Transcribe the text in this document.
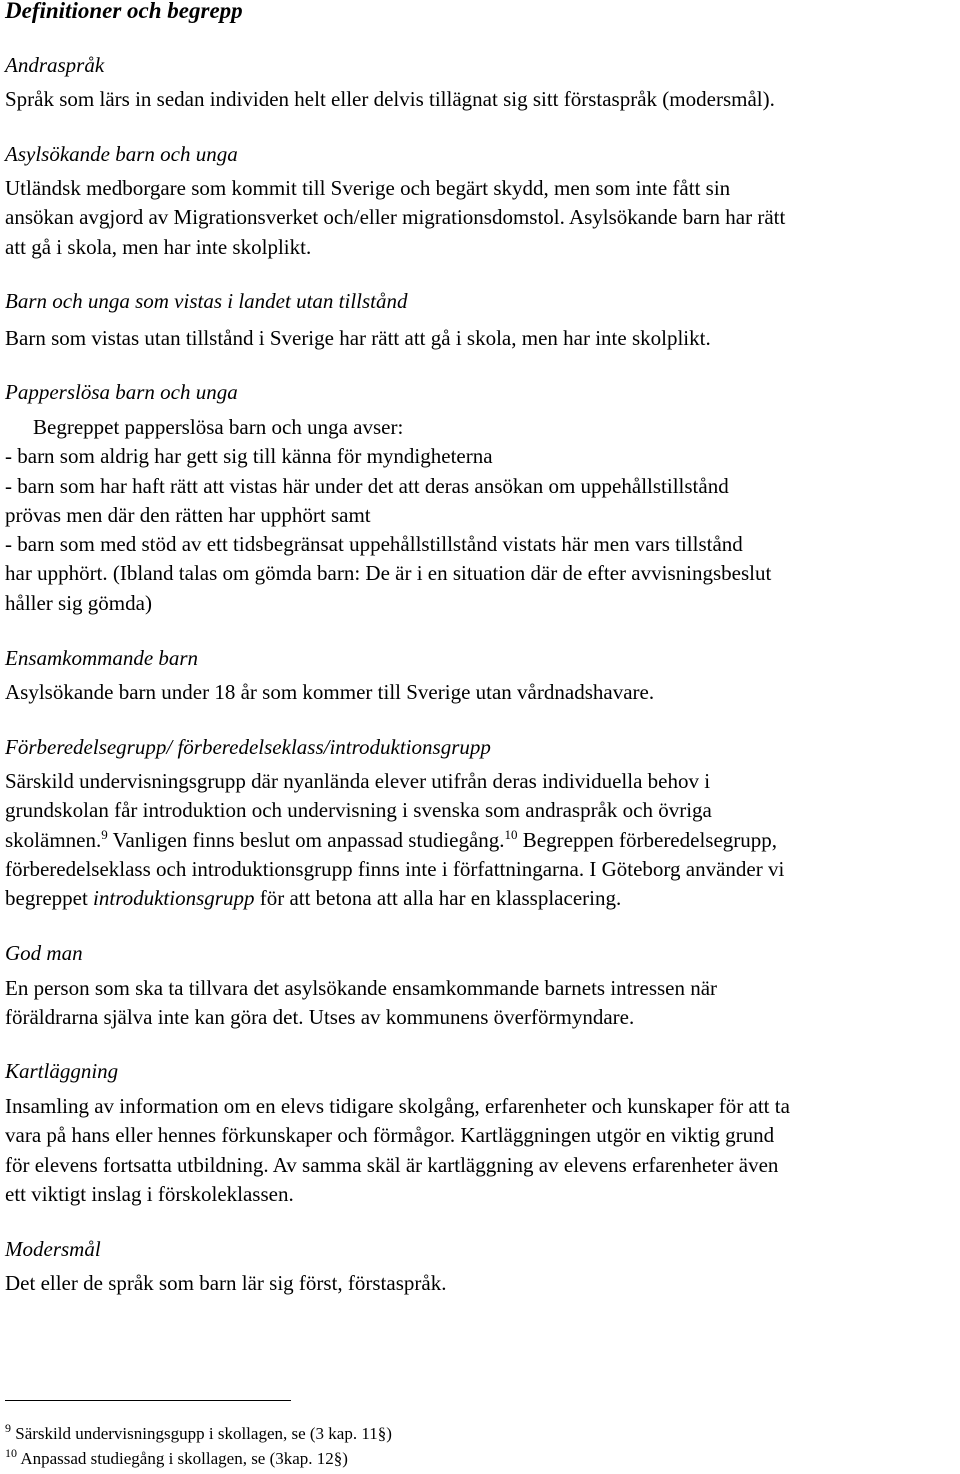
Definitioner och begrepp

Andraspråk

Språk som lärs in sedan individen helt eller delvis tillägnat sig sitt förstaspråk (modersmål).

Asylsökande barn och unga

Utländsk medborgare som kommit till Sverige och begärt skydd, men som inte fått sin
ansökan avgjord av Migrationsverket och/eller migrationsdomstol. Asylsökande barn har rätt
att gå i skola, men har inte skolplikt.

Barn och unga som vistas i landet utan tillstånd

Barn som vistas utan tillstånd i Sverige har rätt att gå i skola, men har inte skolplikt.

Papperslösa barn och unga

Begreppet papperslösa barn och unga avser:
- barn som aldrig har gett sig till känna för myndigheterna
- barn som har haft rätt att vistas här under det att deras ansökan om uppehållstillstånd
prövas men där den rätten har upphört samt
- barn som med stöd av ett tidsbegränsat uppehållstillstånd vistats här men vars tillstånd
har upphört. (Ibland talas om gömda barn: De är i en situation där de efter avvisningsbeslut
håller sig gömda)

Ensamkommande barn

Asylsökande barn under 18 år som kommer till Sverige utan vårdnadshavare.

Förberedelsegrupp/ förberedelseklass/introduktionsgrupp

Särskild undervisningsgrupp där nyanlända elever utifrån deras individuella behov i
grundskolan får introduktion och undervisning i svenska som andraspråk och övriga
skolämnen.$^9$ Vanligen finns beslut om anpassad studiegång.$^{10}$ Begreppen förberedelsegrupp,
förberedelseklass och introduktionsgrupp finns inte i författningarna. I Göteborg använder vi
begreppet introduktionsgrupp för att betona att alla har en klassplacering.

God man

En person som ska ta tillvara det asylsökande ensamkommande barnets intressen när
föräldrarna själva inte kan göra det. Utses av kommunens överförmyndare.

Kartläggning

Insamling av information om en elevs tidigare skolgång, erfarenheter och kunskaper för att ta
vara på hans eller hennes förkunskaper och förmågor. Kartläggningen utgör en viktig grund
för elevens fortsatta utbildning. Av samma skäl är kartläggning av elevens erfarenheter även
ett viktigt inslag i förskoleklassen.

Modersmål

Det eller de språk som barn lär sig först, förstaspråk.

$^9$ Särskild undervisningsgupp i skollagen, se (3 kap. 11§)

$^{10}$ Anpassad studiegång i skollagen, se (3kap. 12§)
